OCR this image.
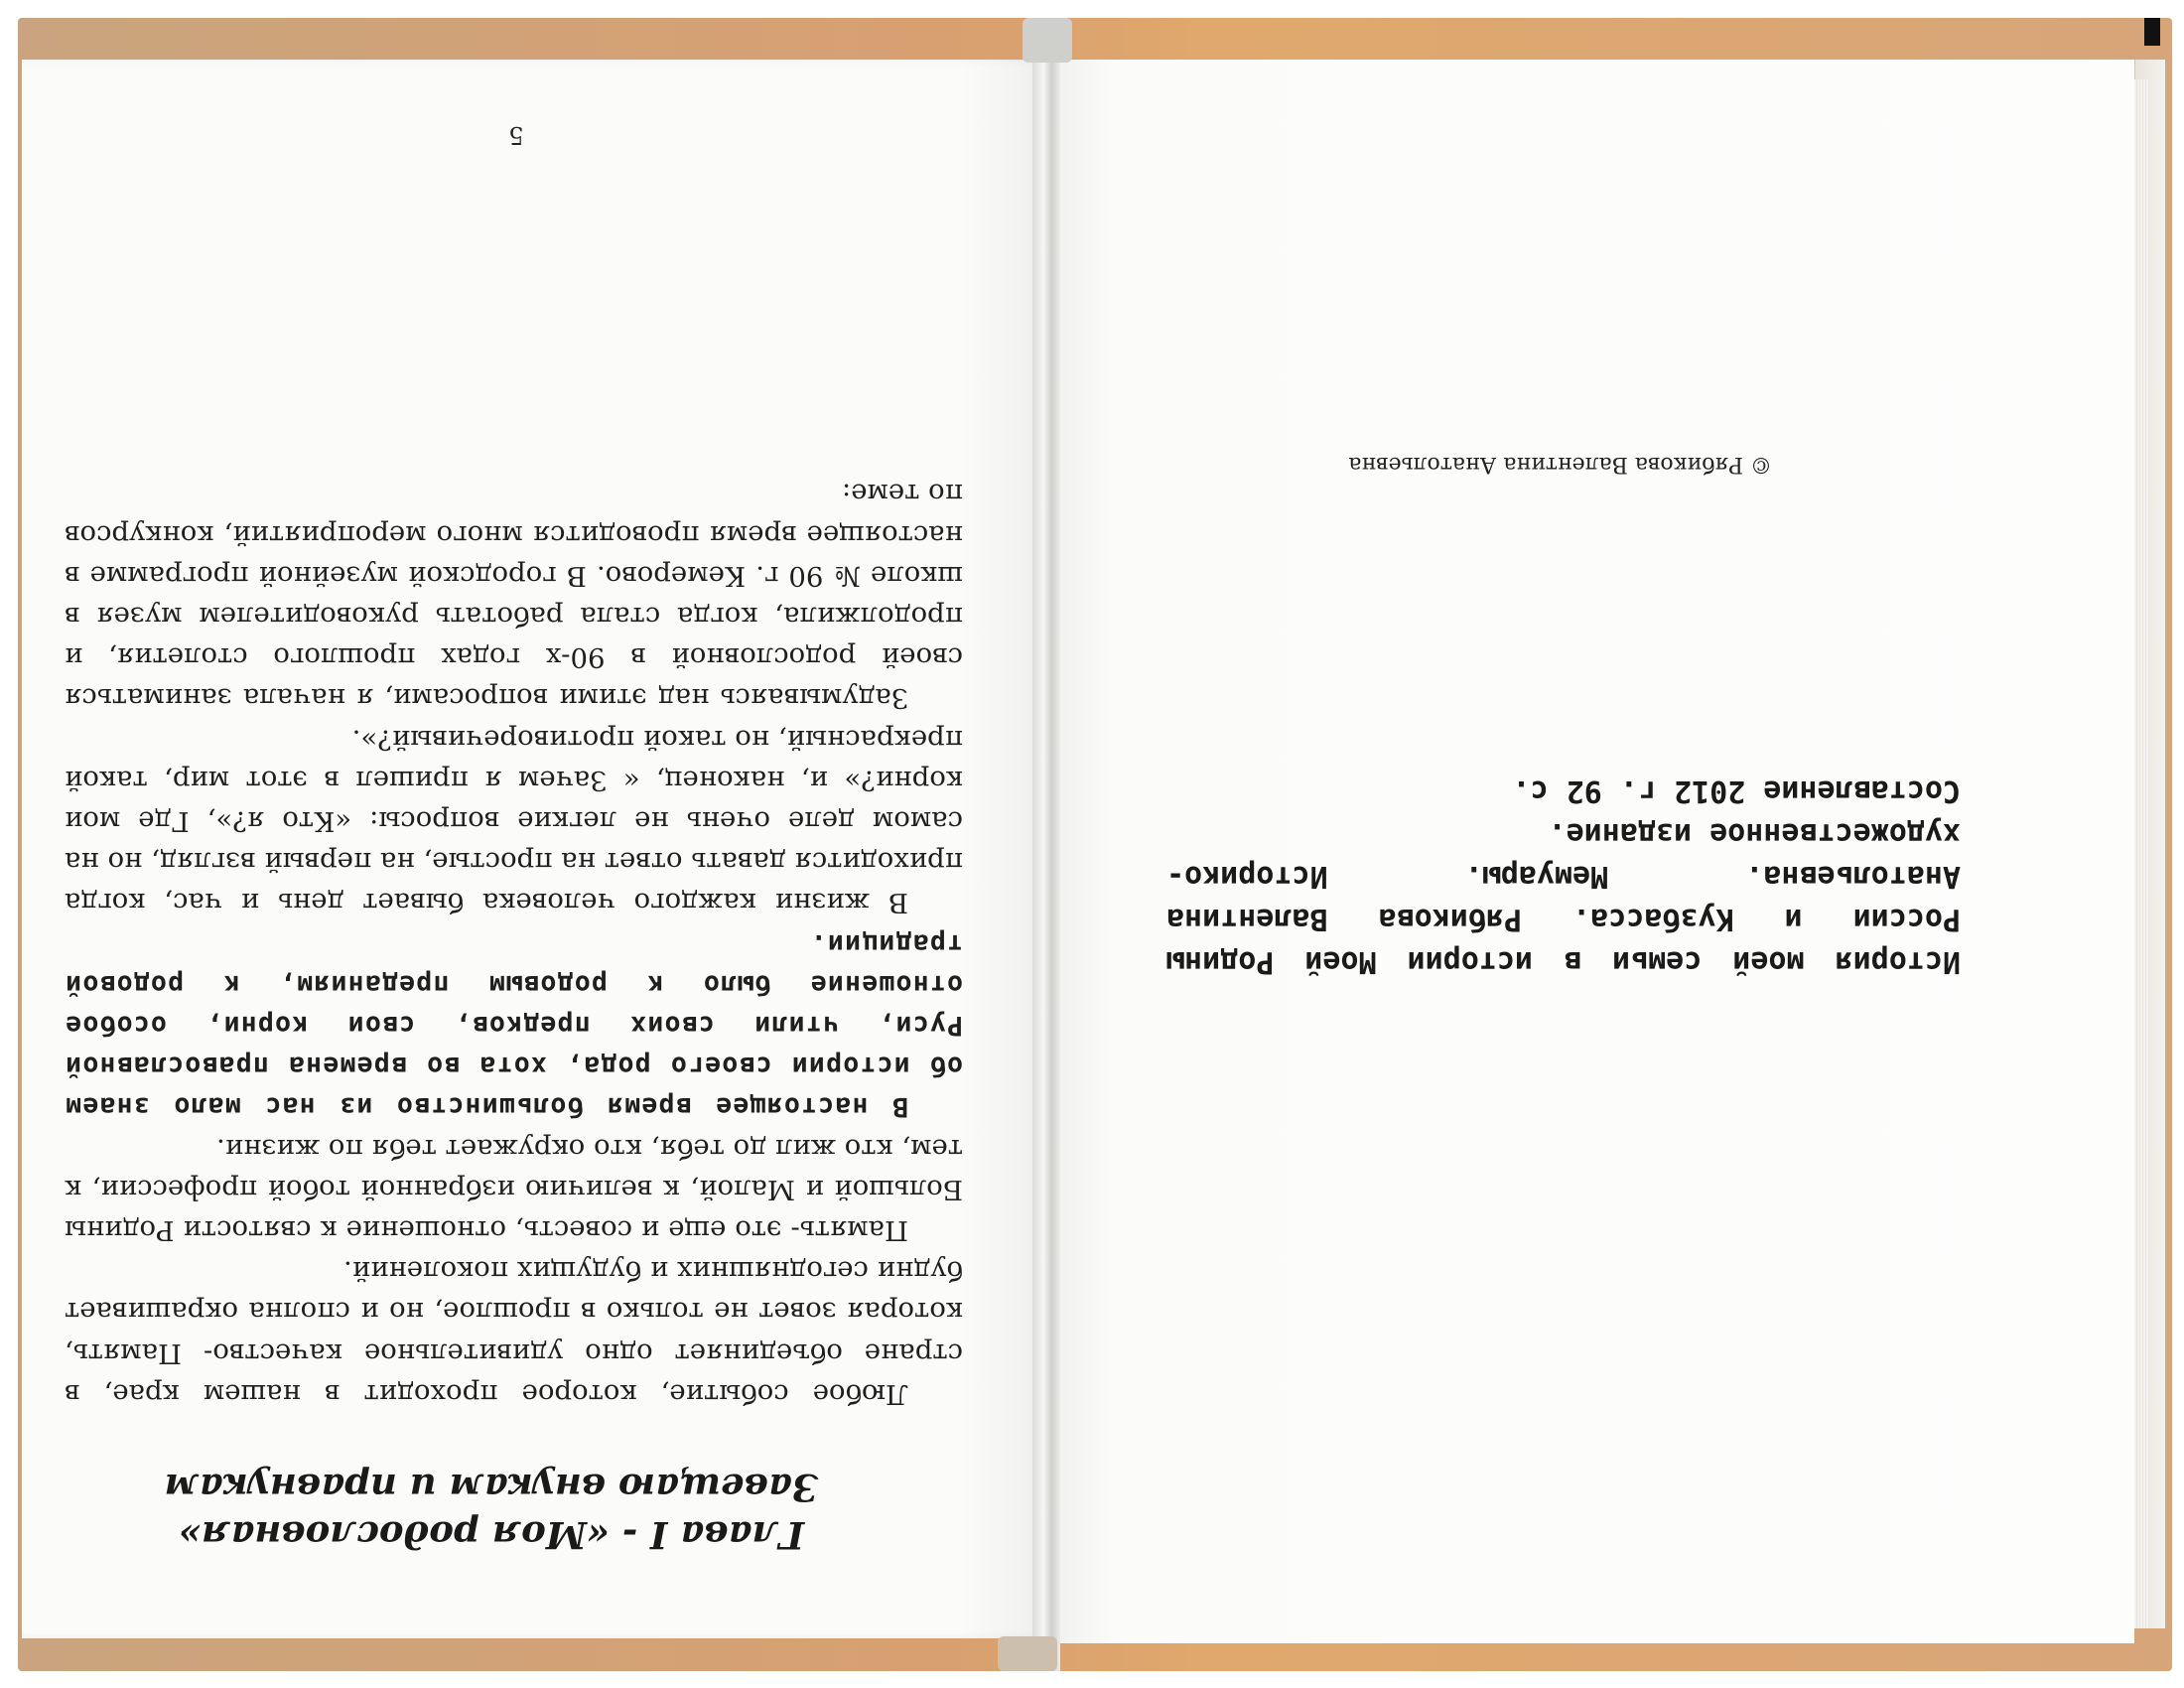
Глава I - «Моя родословная»
Завещаю внукам и правнукам

Любое событие, которое проходит в нашем крае, в стране объединяет одно удивительное качество- Память, которая зовет не только в прошлое, но и сполна окрашивает будни сегодняшних и будущих поколений.

Память- это еще и совесть, отношение к святости Родины Большой и Малой, к величию избранной тобой профессии, к тем, кто жил до тебя, кто окружает тебя по жизни.

В настоящее время большинство из нас мало знаем об истории своего рода, хота во времена православной Руси, чтили своих предков, свои корни, особое отношение было к родовым преданиям, к родовой традиции.

В жизни каждого человека бывает день и час, когда приходится давать ответ на простые, на первый взгляд, но на самом деле очень не легкие вопросы: «Кто я?», Где мои корни?» и, наконец, « Зачем я пришел в этот мир, такой прекрасный, но такой противоречивый?».

Задумываясь над этими вопросами, я начала заниматься своей родословной в 90-х годах прошлого столетия, и продолжила, когда стала работать руководителем музея в школе № 90 г. Кемерово. В городской музейной программе в настоящее время проводится много мероприятий, конкурсов по теме:

5

История моей семьи в истории Моей Родины России и Кузбасса. Рябикова Валентина Анатольевна. Мемуары. Историко-художественное издание.

Составление 2012 г. 92 с.

© Рябикова Валентина Анатольевна
